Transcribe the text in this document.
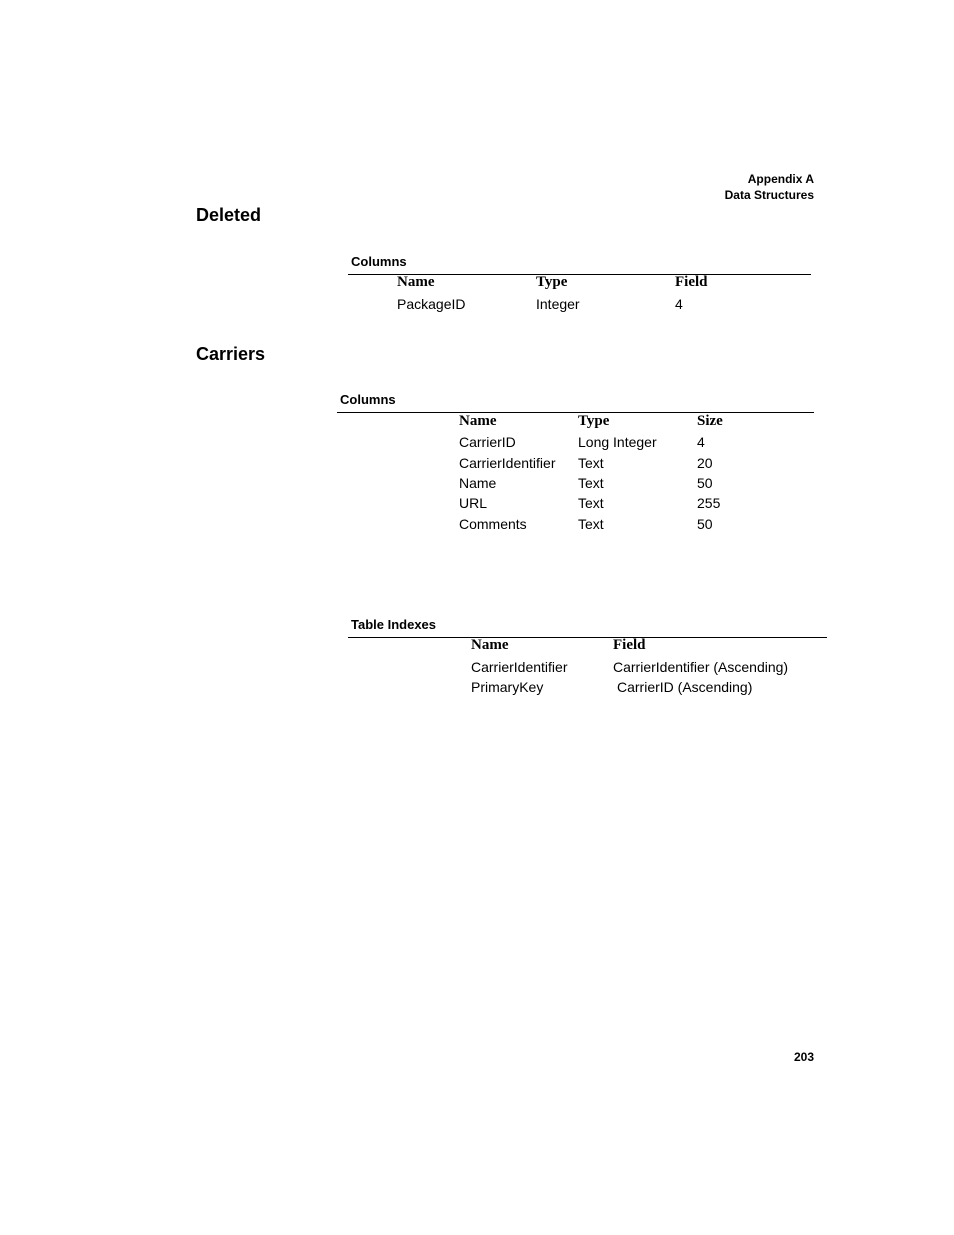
Appendix A
Data Structures
Deleted
Columns
Name	Type	Field
PackageID	Integer	4
Carriers
Columns
Name	Type	Size
CarrierID	Long Integer	4
CarrierIdentifier Text	20
Name	Text	50
URL	Text	255
Comments	Text	50
Table Indexes
Name	Field
CarrierIdentifier	CarrierIdentifier (Ascending)
PrimaryKey	CarrierID (Ascending)
203
